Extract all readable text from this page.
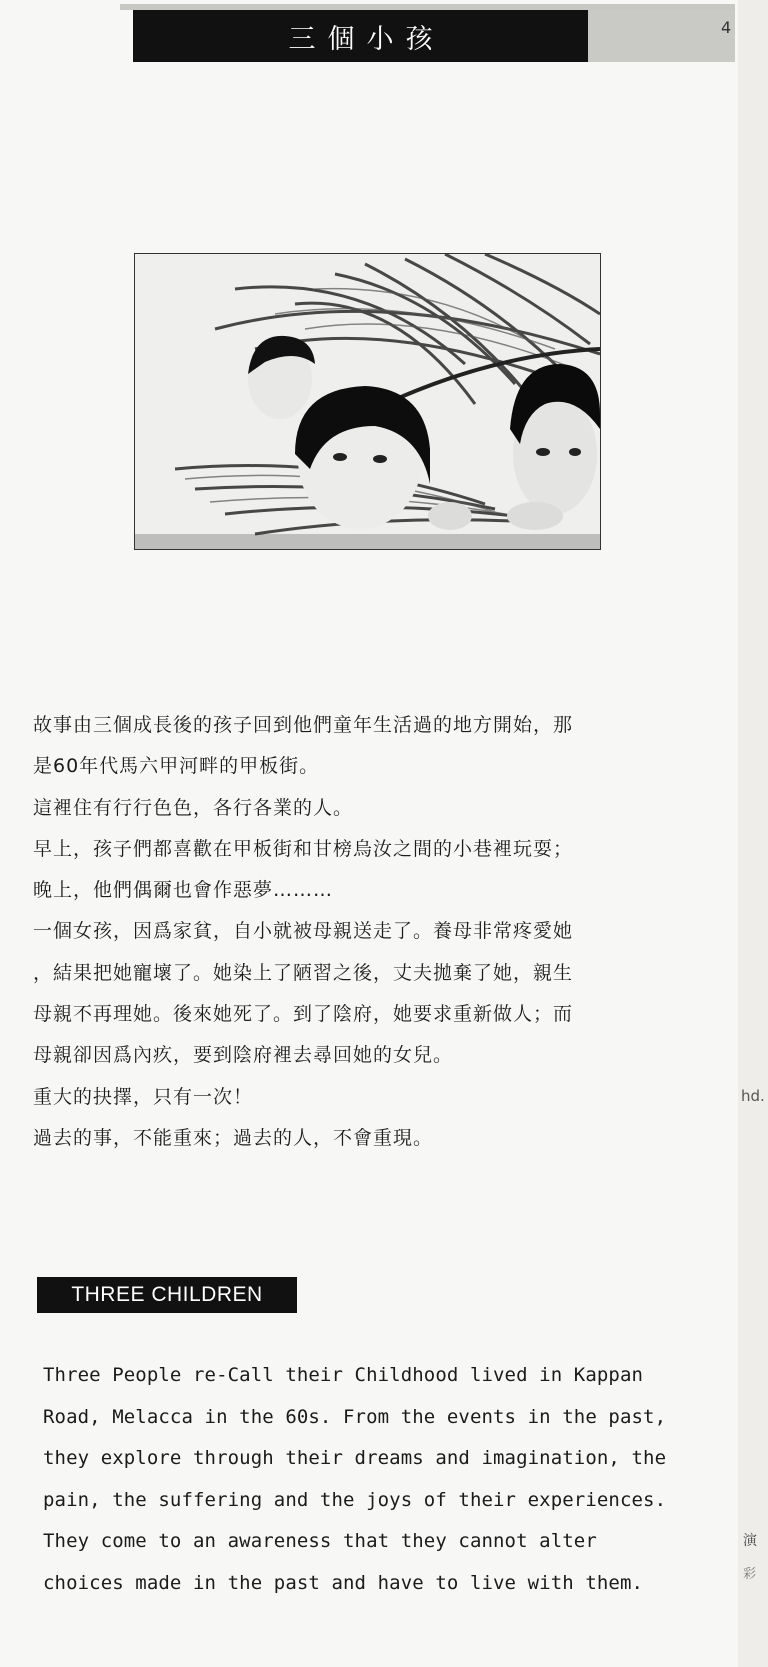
三個小孩
故事由三個成長後的孩子回到他們童年生活過的地方開始，那
是60年代馬六甲河畔的甲板街。
這裡住有行行色色，各行各業的人。
早上，孩子們都喜歡在甲板街和甘榜烏汝之間的小巷裡玩耍；
晚上，他們偶爾也會作惡夢………
一個女孩，因爲家貧，自小就被母親送走了。養母非常疼愛她
，結果把她寵壞了。她染上了陋習之後，丈夫拋棄了她，親生
母親不再理她。後來她死了。到了陰府，她要求重新做人；而
母親卻因爲內疚，要到陰府裡去尋回她的女兒。
重大的抉擇，只有一次！
過去的事，不能重來；過去的人，不會重現。
THREE CHILDREN
Three People re-Call their Childhood lived in Kappan
Road, Melacca in the 60s. From the events in the past,
they explore through their dreams and imagination, the
pain, the suffering and the joys of their experiences.
They come to an awareness that they cannot alter
choices made in the past and have to live with them.
4
hd.
演
彩
